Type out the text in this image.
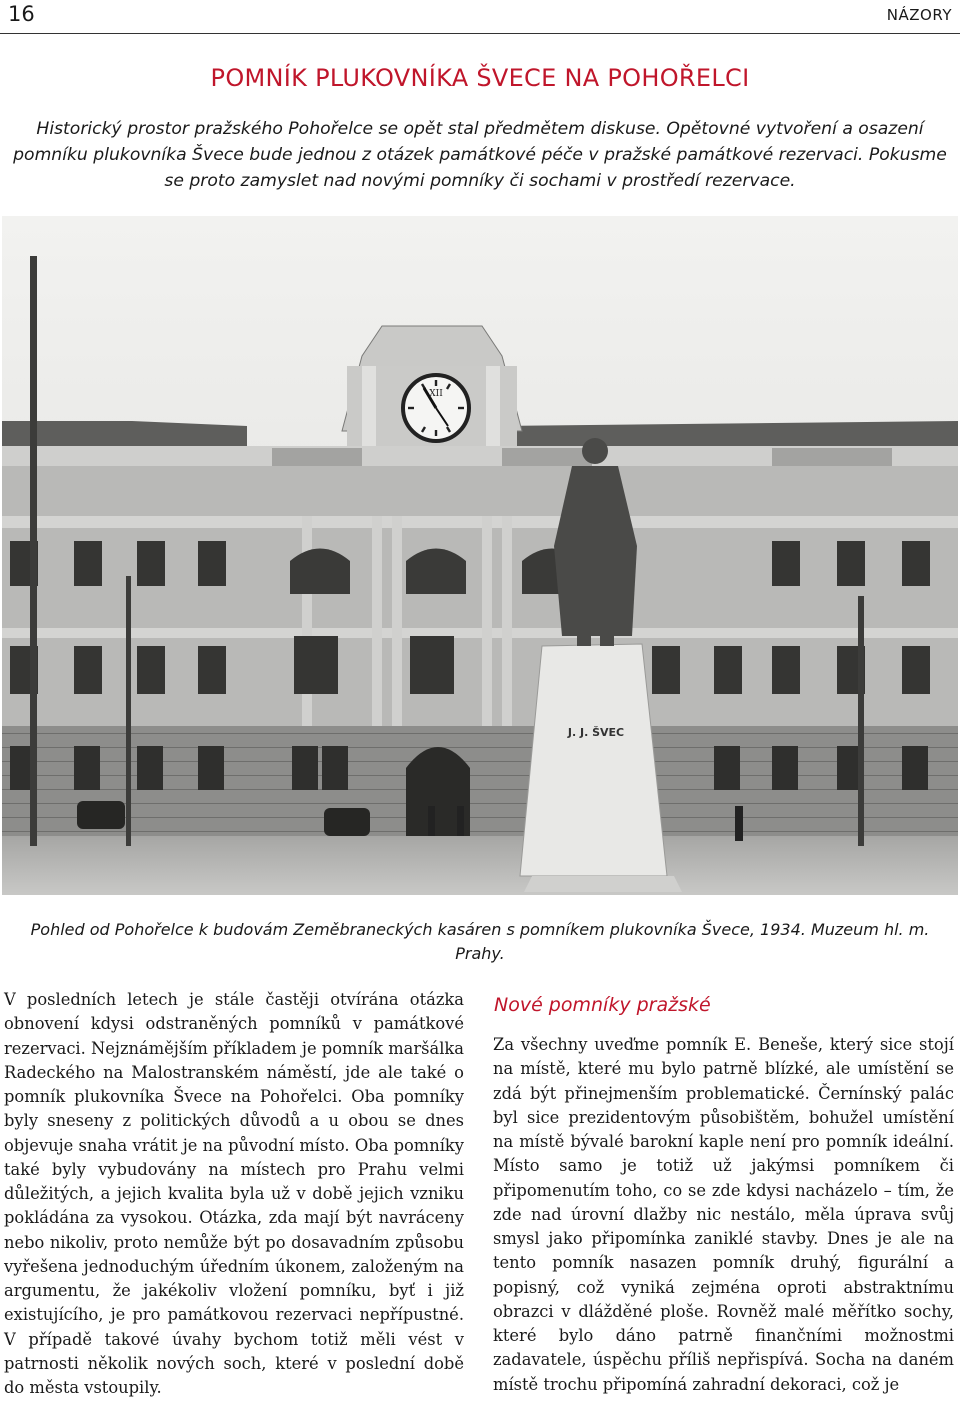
16	NÁZORY
POMNÍK PLUKOVNÍKA ŠVECE NA POHOŘELCI
Historický prostor pražského Pohořelce se opět stal předmětem diskuse. Opětovné vytvoření a osazení pomníku plukovníka Švece bude jednou z otázek památkové péče v pražské památkové rezervaci. Pokusme se proto zamyslet nad novými pomníky či sochami v prostředí rezervace.
XII
J. J. ŠVEC
Pohled od Pohořelce k budovám Zeměbraneckých kasáren s pomníkem plukovníka Švece, 1934. Muzeum hl. m. Prahy.

V posledních letech je stále častěji otvírána otázka obnovení kdysi odstraněných pomníků v památkové rezervaci. Nejznámějším příkladem je pomník maršálka Radeckého na Malostranském náměstí, jde ale také o pomník plukovníka Švece na Pohořelci. Oba pomníky byly sneseny z politických důvodů a u obou se dnes objevuje snaha vrátit je na původní místo. Oba pomníky také byly vybudovány na místech pro Prahu velmi důležitých, a jejich kvalita byla už v době jejich vzniku pokládána za vysokou. Otázka, zda mají být navráceny nebo nikoliv, proto nemůže být po dosavadním způsobu vyřešena jednoduchým úředním úkonem, založeným na argumentu, že jakékoliv vložení pomníku, byť i již existujícího, je pro památkovou rezervaci nepřípustné. V případě takové úvahy bychom totiž měli vést v patrnosti několik nových soch, které v poslední době do města vstoupily.

Nové pomníky pražské

Za všechny uveďme pomník E. Beneše, který sice stojí na místě, které mu bylo patrně blízké, ale umístění se zdá být přinejmenším problematické. Černínský palác byl sice prezidentovým působištěm, bohužel umístění na místě bývalé barokní kaple není pro pomník ideální. Místo samo je totiž už jakýmsi pomníkem či připomenutím toho, co se zde kdysi nacházelo – tím, že zde nad úrovní dlažby nic nestálo, měla úprava svůj smysl jako připomínka zaniklé stavby. Dnes je ale na tento pomník nasazen pomník druhý, figurální a popisný, což vyniká zejména oproti abstraktnímu obrazci v dlážděné ploše. Rovněž malé měřítko sochy, které bylo dáno patrně finančními možnostmi zadavatele, úspěchu příliš nepřispívá. Socha na daném místě trochu připomíná zahradní dekoraci, což je
